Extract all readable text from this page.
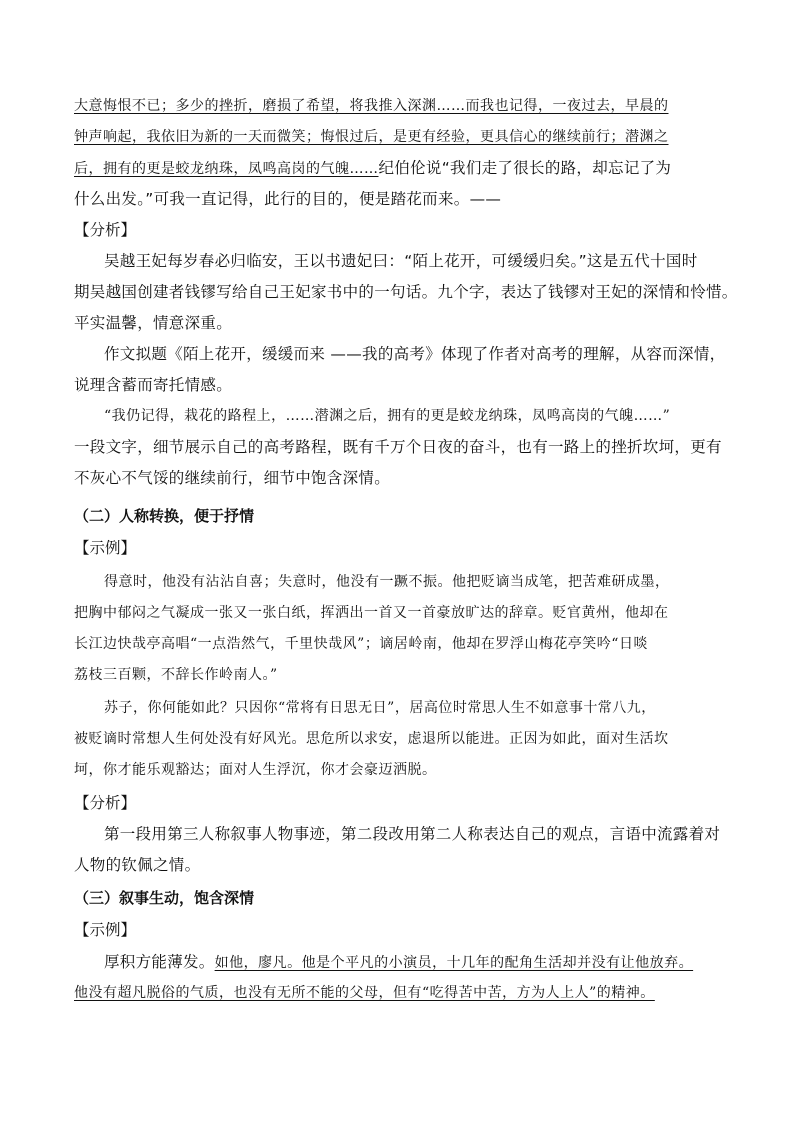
大意悔恨不已；多少的挫折，磨损了希望，将我推入深渊……而我也记得，一夜过去，早晨的
钟声响起，我依旧为新的一天而微笑；悔恨过后，是更有经验，更具信心的继续前行；潜渊之
后，拥有的更是蛟龙纳珠，凤鸣高岗的气魄……纪伯伦说“我们走了很长的路，却忘记了为
什么出发。”可我一直记得，此行的目的，便是踏花而来。——
【分析】
吴越王妃每岁春必归临安，王以书遗妃曰：“陌上花开，可缓缓归矣。”这是五代十国时
期吴越国创建者钱镠写给自己王妃家书中的一句话。九个字，表达了钱镠对王妃的深情和怜惜。
平实温馨，情意深重。
作文拟题《陌上花开，缓缓而来 ——我的高考》体现了作者对高考的理解，从容而深情，
说理含蓄而寄托情感。
“我仍记得，栽花的路程上，……潜渊之后，拥有的更是蛟龙纳珠，凤鸣高岗的气魄……”
一段文字，细节展示自己的高考路程，既有千万个日夜的奋斗，也有一路上的挫折坎坷，更有
不灰心不气馁的继续前行，细节中饱含深情。
（二）人称转换，便于抒情
【示例】
得意时，他没有沾沾自喜；失意时，他没有一蹶不振。他把贬谪当成笔，把苦难研成墨，
把胸中郁闷之气凝成一张又一张白纸，挥洒出一首又一首豪放旷达的辞章。贬官黄州，他却在
长江边快哉亭高唱“一点浩然气，千里快哉风”；谪居岭南，他却在罗浮山梅花亭笑吟“日啖
荔枝三百颗，不辞长作岭南人。”
苏子，你何能如此？只因你“常将有日思无日”，居高位时常思人生不如意事十常八九，
被贬谪时常想人生何处没有好风光。思危所以求安，虑退所以能进。正因为如此，面对生活坎
坷，你才能乐观豁达；面对人生浮沉，你才会豪迈洒脱。
【分析】
第一段用第三人称叙事人物事迹，第二段改用第二人称表达自己的观点，言语中流露着对
人物的钦佩之情。
（三）叙事生动，饱含深情
【示例】
厚积方能薄发。如他，廖凡。他是个平凡的小演员，十几年的配角生活却并没有让他放弃。
他没有超凡脱俗的气质，也没有无所不能的父母，但有“吃得苦中苦，方为人上人”的精神。
